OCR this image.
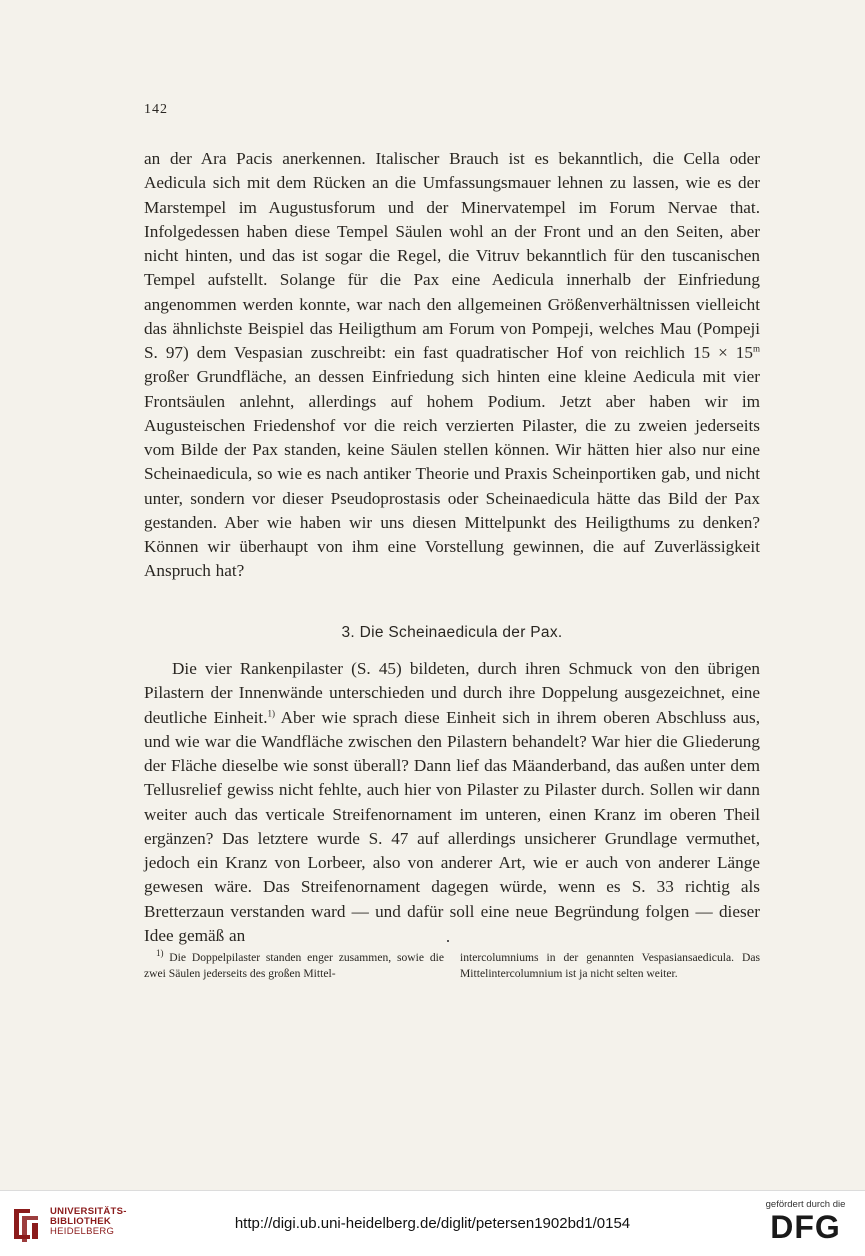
142

an der Ara Pacis anerkennen. Italischer Brauch ist es bekanntlich, die Cella oder Aedicula sich mit dem Rücken an die Umfassungsmauer lehnen zu lassen, wie es der Marstempel im Augustusforum und der Minervatempel im Forum Nervae that. Infolgedessen haben diese Tempel Säulen wohl an der Front und an den Seiten, aber nicht hinten, und das ist sogar die Regel, die Vitruv bekanntlich für den tuscanischen Tempel aufstellt. Solange für die Pax eine Aedicula innerhalb der Einfriedung angenommen werden konnte, war nach den allgemeinen Größenverhältnissen vielleicht das ähnlichste Beispiel das Heiligthum am Forum von Pompeji, welches Mau (Pompeji S. 97) dem Vespasian zuschreibt: ein fast quadratischer Hof von reichlich $15 \times 15^m$ großer Grundfläche, an dessen Einfriedung sich hinten eine kleine Aedicula mit vier Frontsäulen anlehnt, allerdings auf hohem Podium. Jetzt aber haben wir im Augusteischen Friedenshof vor die reich verzierten Pilaster, die zu zweien jederseits vom Bilde der Pax standen, keine Säulen stellen können. Wir hätten hier also nur eine Scheinaedicula, so wie es nach antiker Theorie und Praxis Scheinportiken gab, und nicht unter, sondern vor dieser Pseudoprostasis oder Scheinaedicula hätte das Bild der Pax gestanden. Aber wie haben wir uns diesen Mittelpunkt des Heiligthums zu denken? Können wir überhaupt von ihm eine Vorstellung gewinnen, die auf Zuverlässigkeit Anspruch hat?

3. Die Scheinaedicula der Pax.

Die vier Rankenpilaster (S. 45) bildeten, durch ihren Schmuck von den übrigen Pilastern der Innenwände unterschieden und durch ihre Doppelung ausgezeichnet, eine deutliche Einheit.$^{1)}$ Aber wie sprach diese Einheit sich in ihrem oberen Abschluss aus, und wie war die Wandfläche zwischen den Pilastern behandelt? War hier die Gliederung der Fläche dieselbe wie sonst überall? Dann lief das Mäanderband, das außen unter dem Tellusrelief gewiss nicht fehlte, auch hier von Pilaster zu Pilaster durch. Sollen wir dann weiter auch das verticale Streifenornament im unteren, einen Kranz im oberen Theil ergänzen? Das letztere wurde S. 47 auf allerdings unsicherer Grundlage vermuthet, jedoch ein Kranz von Lorbeer, also von anderer Art, wie er auch von anderer Länge gewesen wäre. Das Streifenornament dagegen würde, wenn es S. 33 richtig als Bretterzaun verstanden ward — und dafür soll eine neue Begründung folgen — dieser Idee gemäß an

$^{1)}$ Die Doppelpilaster standen enger zusammen, sowie die zwei Säulen jederseits des großen Mittel-

intercolumniums in der genannten Vespasiansaedicula. Das Mittelintercolumnium ist ja nicht selten weiter.

UNIVERSITÄTS-
BIBLIOTHEK
HEIDELBERG	http://digi.ub.uni-heidelberg.de/diglit/petersen1902bd1/0154
gefördert durch die
DFG
